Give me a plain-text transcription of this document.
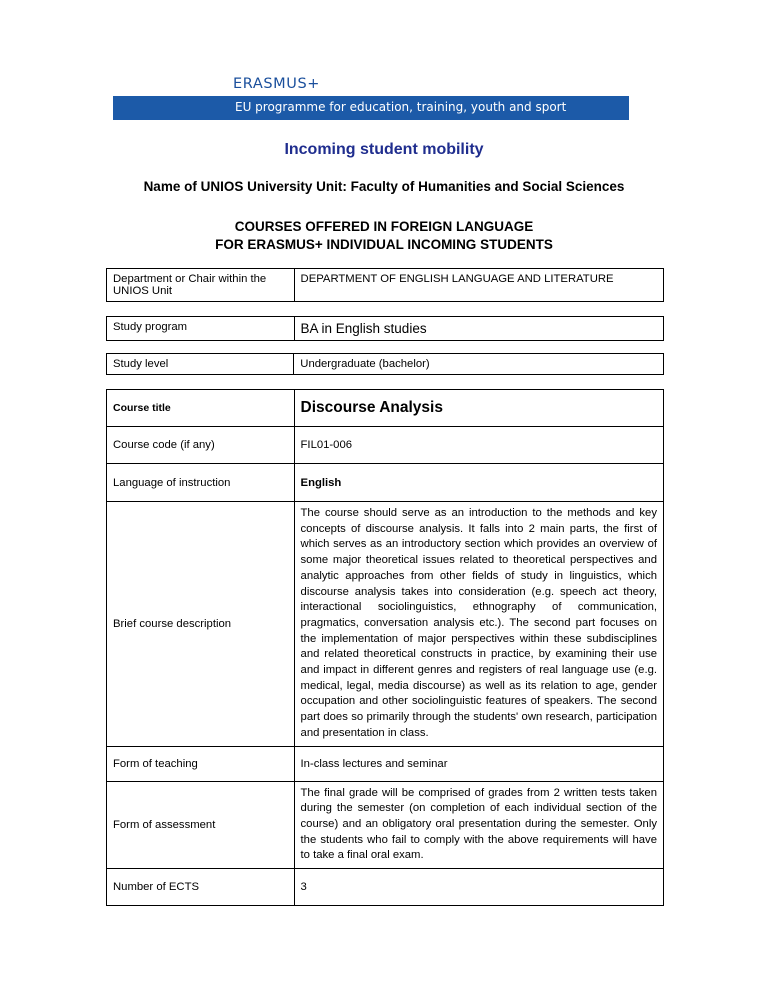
ERASMUS+
EU programme for education, training, youth and sport
Incoming student mobility
Name of UNIOS University Unit: Faculty of Humanities and Social Sciences
COURSES OFFERED IN FOREIGN LANGUAGE
FOR ERASMUS+ INDIVIDUAL INCOMING STUDENTS
Department or Chair within the UNIOS Unit	DEPARTMENT OF ENGLISH LANGUAGE AND LITERATURE
Study program	BA in English studies
Study level	Undergraduate (bachelor)
Course title	Discourse Analysis
Course code (if any)	FIL01-006
Language of instruction	English
Brief course description	The course should serve as an introduction to the methods and key concepts of discourse analysis. It falls into 2 main parts, the first of which serves as an introductory section which provides an overview of some major theoretical issues related to theoretical perspectives and analytic approaches from other fields of study in linguistics, which discourse analysis takes into consideration (e.g. speech act theory, interactional sociolinguistics, ethnography of communication, pragmatics, conversation analysis etc.). The second part focuses on the implementation of major perspectives within these subdisciplines and related theoretical constructs in practice, by examining their use and impact in different genres and registers of real language use (e.g. medical, legal, media discourse) as well as its relation to age, gender occupation and other sociolinguistic features of speakers. The second part does so primarily through the students' own research, participation and presentation in class.
Form of teaching	In-class lectures and seminar
Form of assessment	The final grade will be comprised of grades from 2 written tests taken during the semester (on completion of each individual section of the course) and an obligatory oral presentation during the semester. Only the students who fail to comply with the above requirements will have to take a final oral exam.
Number of ECTS	3
